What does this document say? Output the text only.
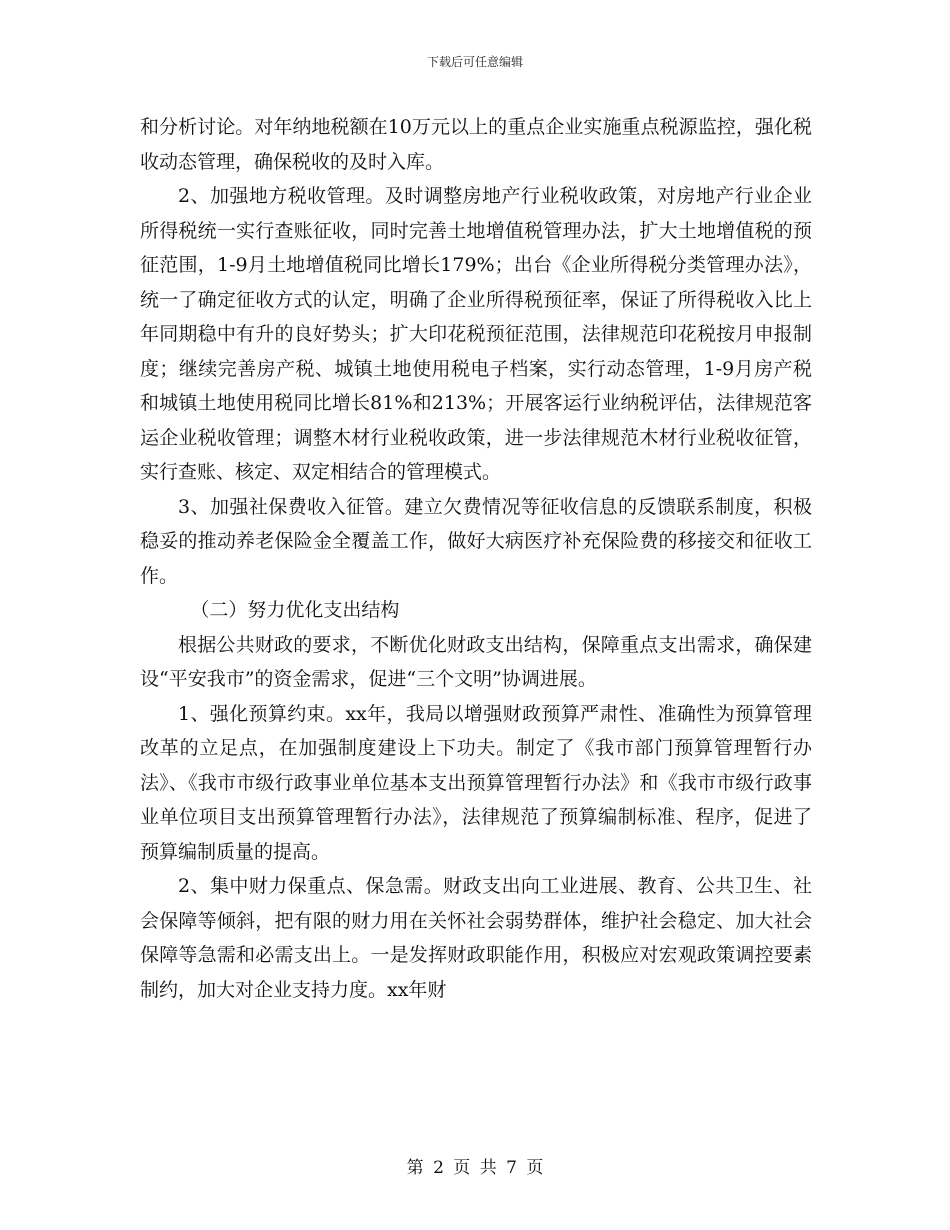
下载后可任意编辑

和分析讨论。对年纳地税额在10万元以上的重点企业实施重点税源监控，强化税收动态管理，确保税收的及时入库。

2、加强地方税收管理。及时调整房地产行业税收政策，对房地产行业企业所得税统一实行查账征收，同时完善土地增值税管理办法，扩大土地增值税的预征范围，1-9月土地增值税同比增长179%；出台《企业所得税分类管理办法》，统一了确定征收方式的认定，明确了企业所得税预征率，保证了所得税收入比上年同期稳中有升的良好势头；扩大印花税预征范围，法律规范印花税按月申报制度；继续完善房产税、城镇土地使用税电子档案，实行动态管理，1-9月房产税和城镇土地使用税同比增长81%和213%；开展客运行业纳税评估，法律规范客运企业税收管理；调整木材行业税收政策，进一步法律规范木材行业税收征管，实行查账、核定、双定相结合的管理模式。

3、加强社保费收入征管。建立欠费情况等征收信息的反馈联系制度，积极稳妥的推动养老保险金全覆盖工作，做好大病医疗补充保险费的移接交和征收工作。

（二）努力优化支出结构

根据公共财政的要求，不断优化财政支出结构，保障重点支出需求，确保建设“平安我市”的资金需求，促进“三个文明”协调进展。

1、强化预算约束。xx年，我局以增强财政预算严肃性、准确性为预算管理改革的立足点，在加强制度建设上下功夫。制定了《我市部门预算管理暂行办法》、《我市市级行政事业单位基本支出预算管理暂行办法》和《我市市级行政事业单位项目支出预算管理暂行办法》，法律规范了预算编制标准、程序，促进了预算编制质量的提高。

2、集中财力保重点、保急需。财政支出向工业进展、教育、公共卫生、社会保障等倾斜，把有限的财力用在关怀社会弱势群体，维护社会稳定、加大社会保障等急需和必需支出上。一是发挥财政职能作用，积极应对宏观政策调控要素制约，加大对企业支持力度。xx年财

第 2 页 共 7 页
